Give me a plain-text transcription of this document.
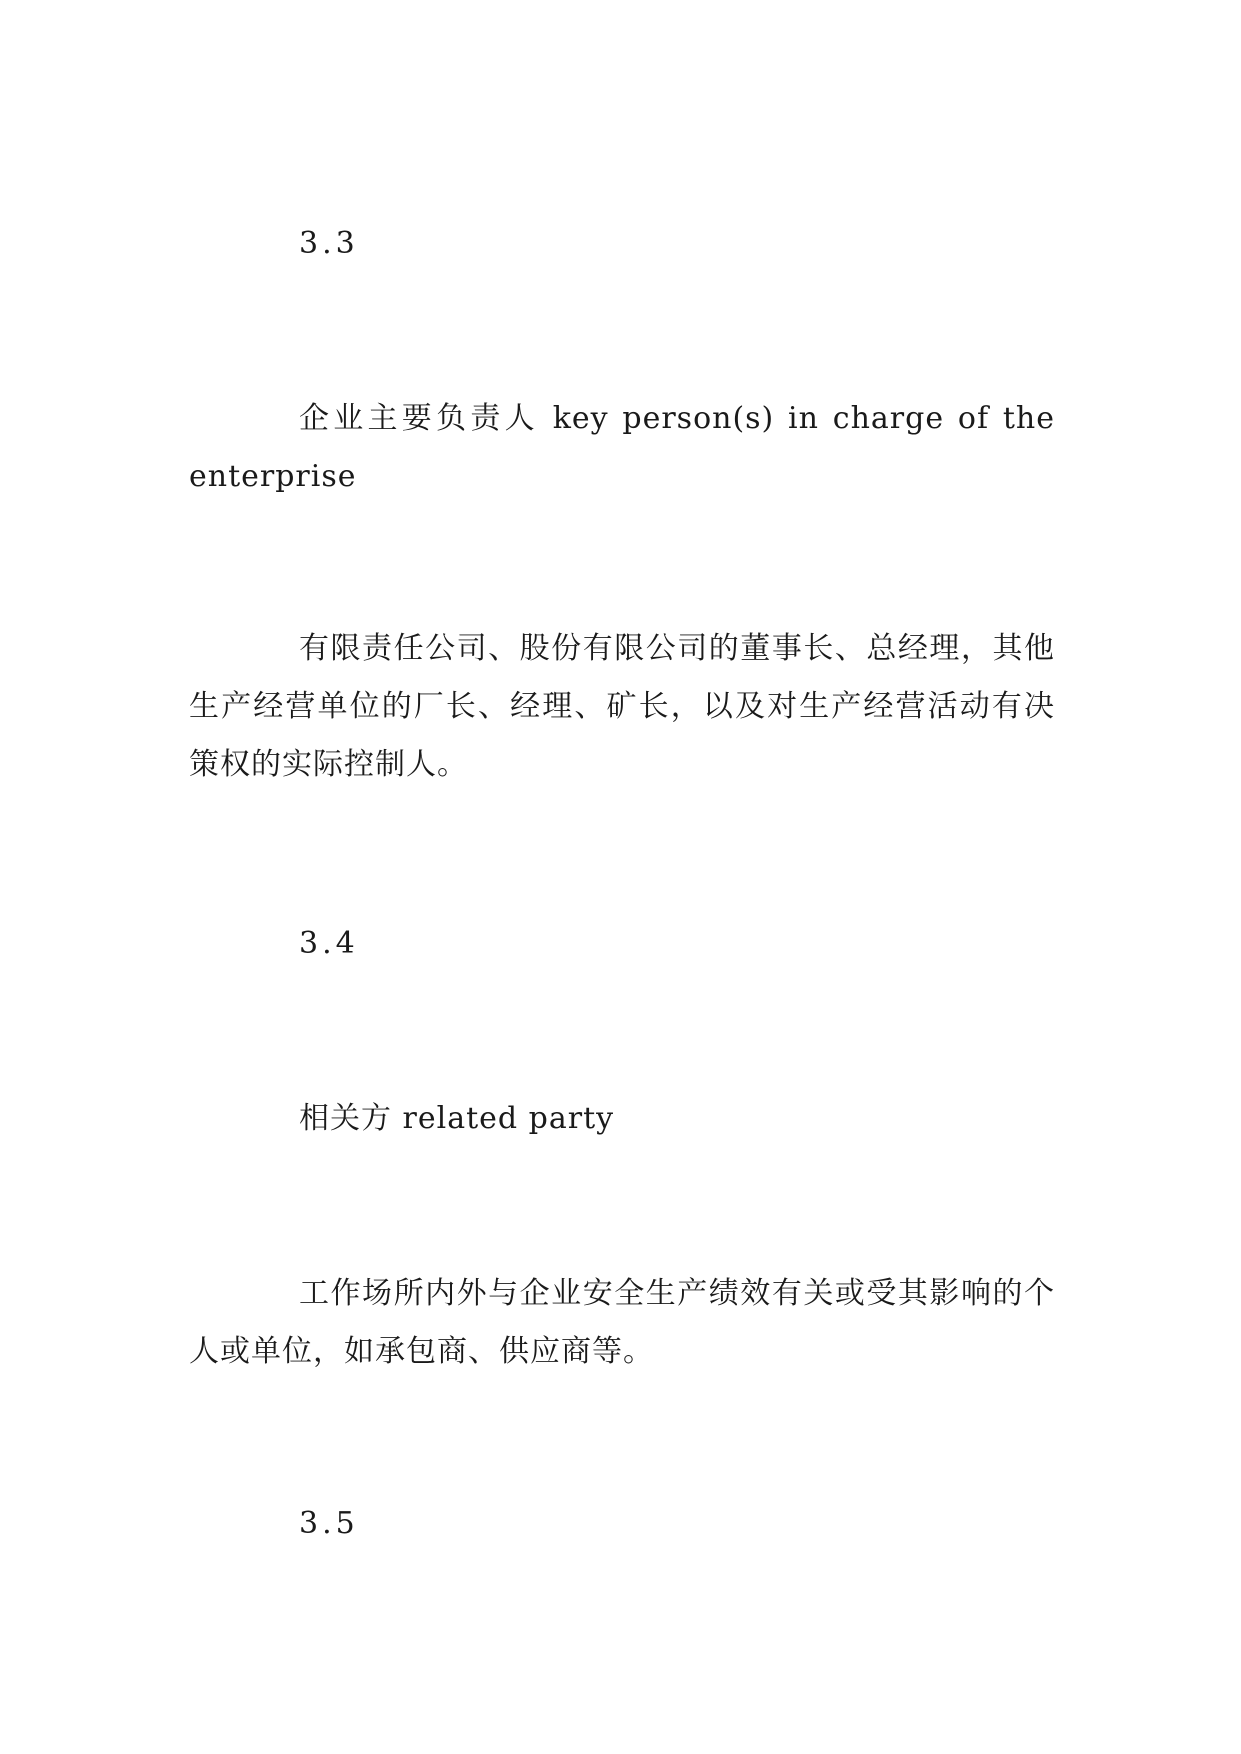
3.3

企业主要负责人 key person(s) in charge of the enterprise

有限责任公司、股份有限公司的董事长、总经理，其他生产经营单位的厂长、经理、矿长，以及对生产经营活动有决策权的实际控制人。

3.4

相关方 related party

工作场所内外与企业安全生产绩效有关或受其影响的个人或单位，如承包商、供应商等。

3.5
